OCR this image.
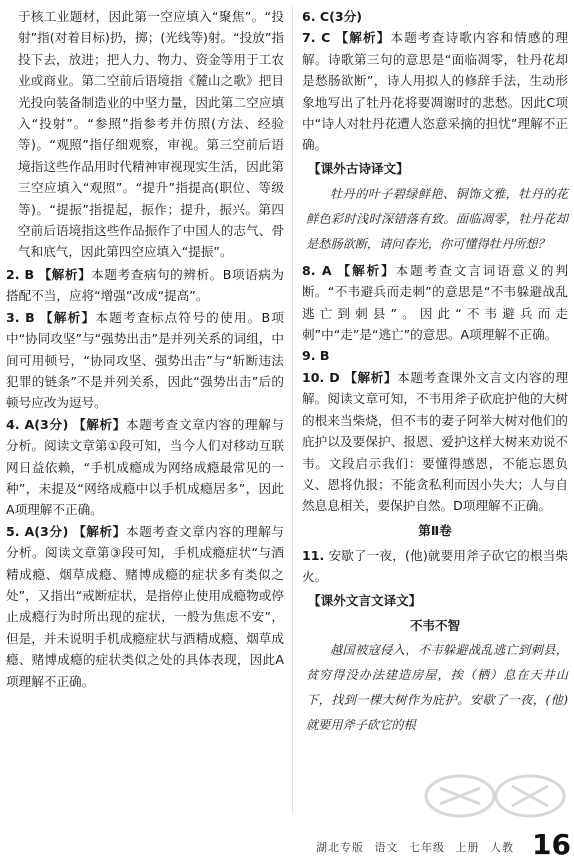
于核工业题材，因此第一空应填入“聚焦”。“投射”指(对着目标)扔，掷；(光线等)射。“投放”指投下去，放进；把人力、物力、资金等用于工农业或商业。第二空前后语境指《麓山之歌》把目光投向装备制造业的中坚力量，因此第二空应填入“投射”。“参照”指参考并仿照(方法、经验等)。“观照”指仔细观察，审视。第三空前后语境指这些作品用时代精神审视现实生活，因此第三空应填入“观照”。“提升”指提高(职位、等级等)。“提振”指提起，振作；提升，振兴。第四空前后语境指这些作品振作了中国人的志气、骨气和底气，因此第四空应填入“提振”。

2. B 【解析】本题考查病句的辨析。B项语病为搭配不当，应将“增强”改成“提高”。

3. B 【解析】本题考查标点符号的使用。B项中“协同攻坚”与“强势出击”是并列关系的词组，中间可用顿号，“协同攻坚、强势出击”与“斩断违法犯罪的链条”不是并列关系，因此“强势出击”后的顿号应改为逗号。

4. A(3分) 【解析】本题考查文章内容的理解与分析。阅读文章第①段可知，当今人们对移动互联网日益依赖，“手机成瘾成为网络成瘾最常见的一种”，未提及“网络成瘾中以手机成瘾居多”，因此A项理解不正确。

5. A(3分) 【解析】本题考查文章内容的理解与分析。阅读文章第③段可知，手机成瘾症状“与酒精成瘾、烟草成瘾、赌博成瘾的症状多有类似之处”，又指出“戒断症状，是指停止使用成瘾物或停止成瘾行为时所出现的症状，一般为焦虑不安”，但是，并未说明手机成瘾症状与酒精成瘾、烟草成瘾、赌博成瘾的症状类似之处的具体表现，因此A项理解不正确。

6. C(3分)

7. C 【解析】本题考查诗歌内容和情感的理解。诗歌第三句的意思是“面临凋零，牡丹花却是愁肠欲断”，诗人用拟人的修辞手法，生动形象地写出了牡丹花将要凋谢时的悲愁。因此C项中“诗人对牡丹花遭人恣意采摘的担忧”理解不正确。

【课外古诗译文】

牡丹的叶子碧绿鲜艳、铜饰文雅，牡丹的花鲜色彩时浅时深错落有致。面临凋零，牡丹花却是愁肠欲断，请问春光，你可懂得牡丹所想？

8. A 【解析】本题考查文言词语意义的判断。“不韦避兵而走刺”的意思是“不韦躲避战乱逃亡到刺县”。因此“不韦避兵而走刺”中“走”是“逃亡”的意思。A项理解不正确。

9. B

10. D 【解析】本题考查课外文言文内容的理解。阅读文章可知，不韦用斧子砍庇护他的大树的根来当柴烧，但不韦的妻子阿举大树对他们的庇护以及要保护、报恩、爱护这样大树来劝说不韦。文段启示我们：要懂得感恩，不能忘恩负义、恩将仇报；不能贪私利而因小失大；人与自然息息相关，要保护自然。D项理解不正确。

第Ⅱ卷

11. 安歇了一夜，(他)就要用斧子砍它的根当柴火。

【课外文言文译文】
不韦不智

越国被寇侵入，不韦躲避战乱逃亡到刺县，贫穷得没办法建造房屋，挨（栖）息在天井山下，找到一棵大树作为庇护。安歇了一夜，(他)就要用斧子砍它的根

湖北专版 语文 七年级 上册 人教 16
